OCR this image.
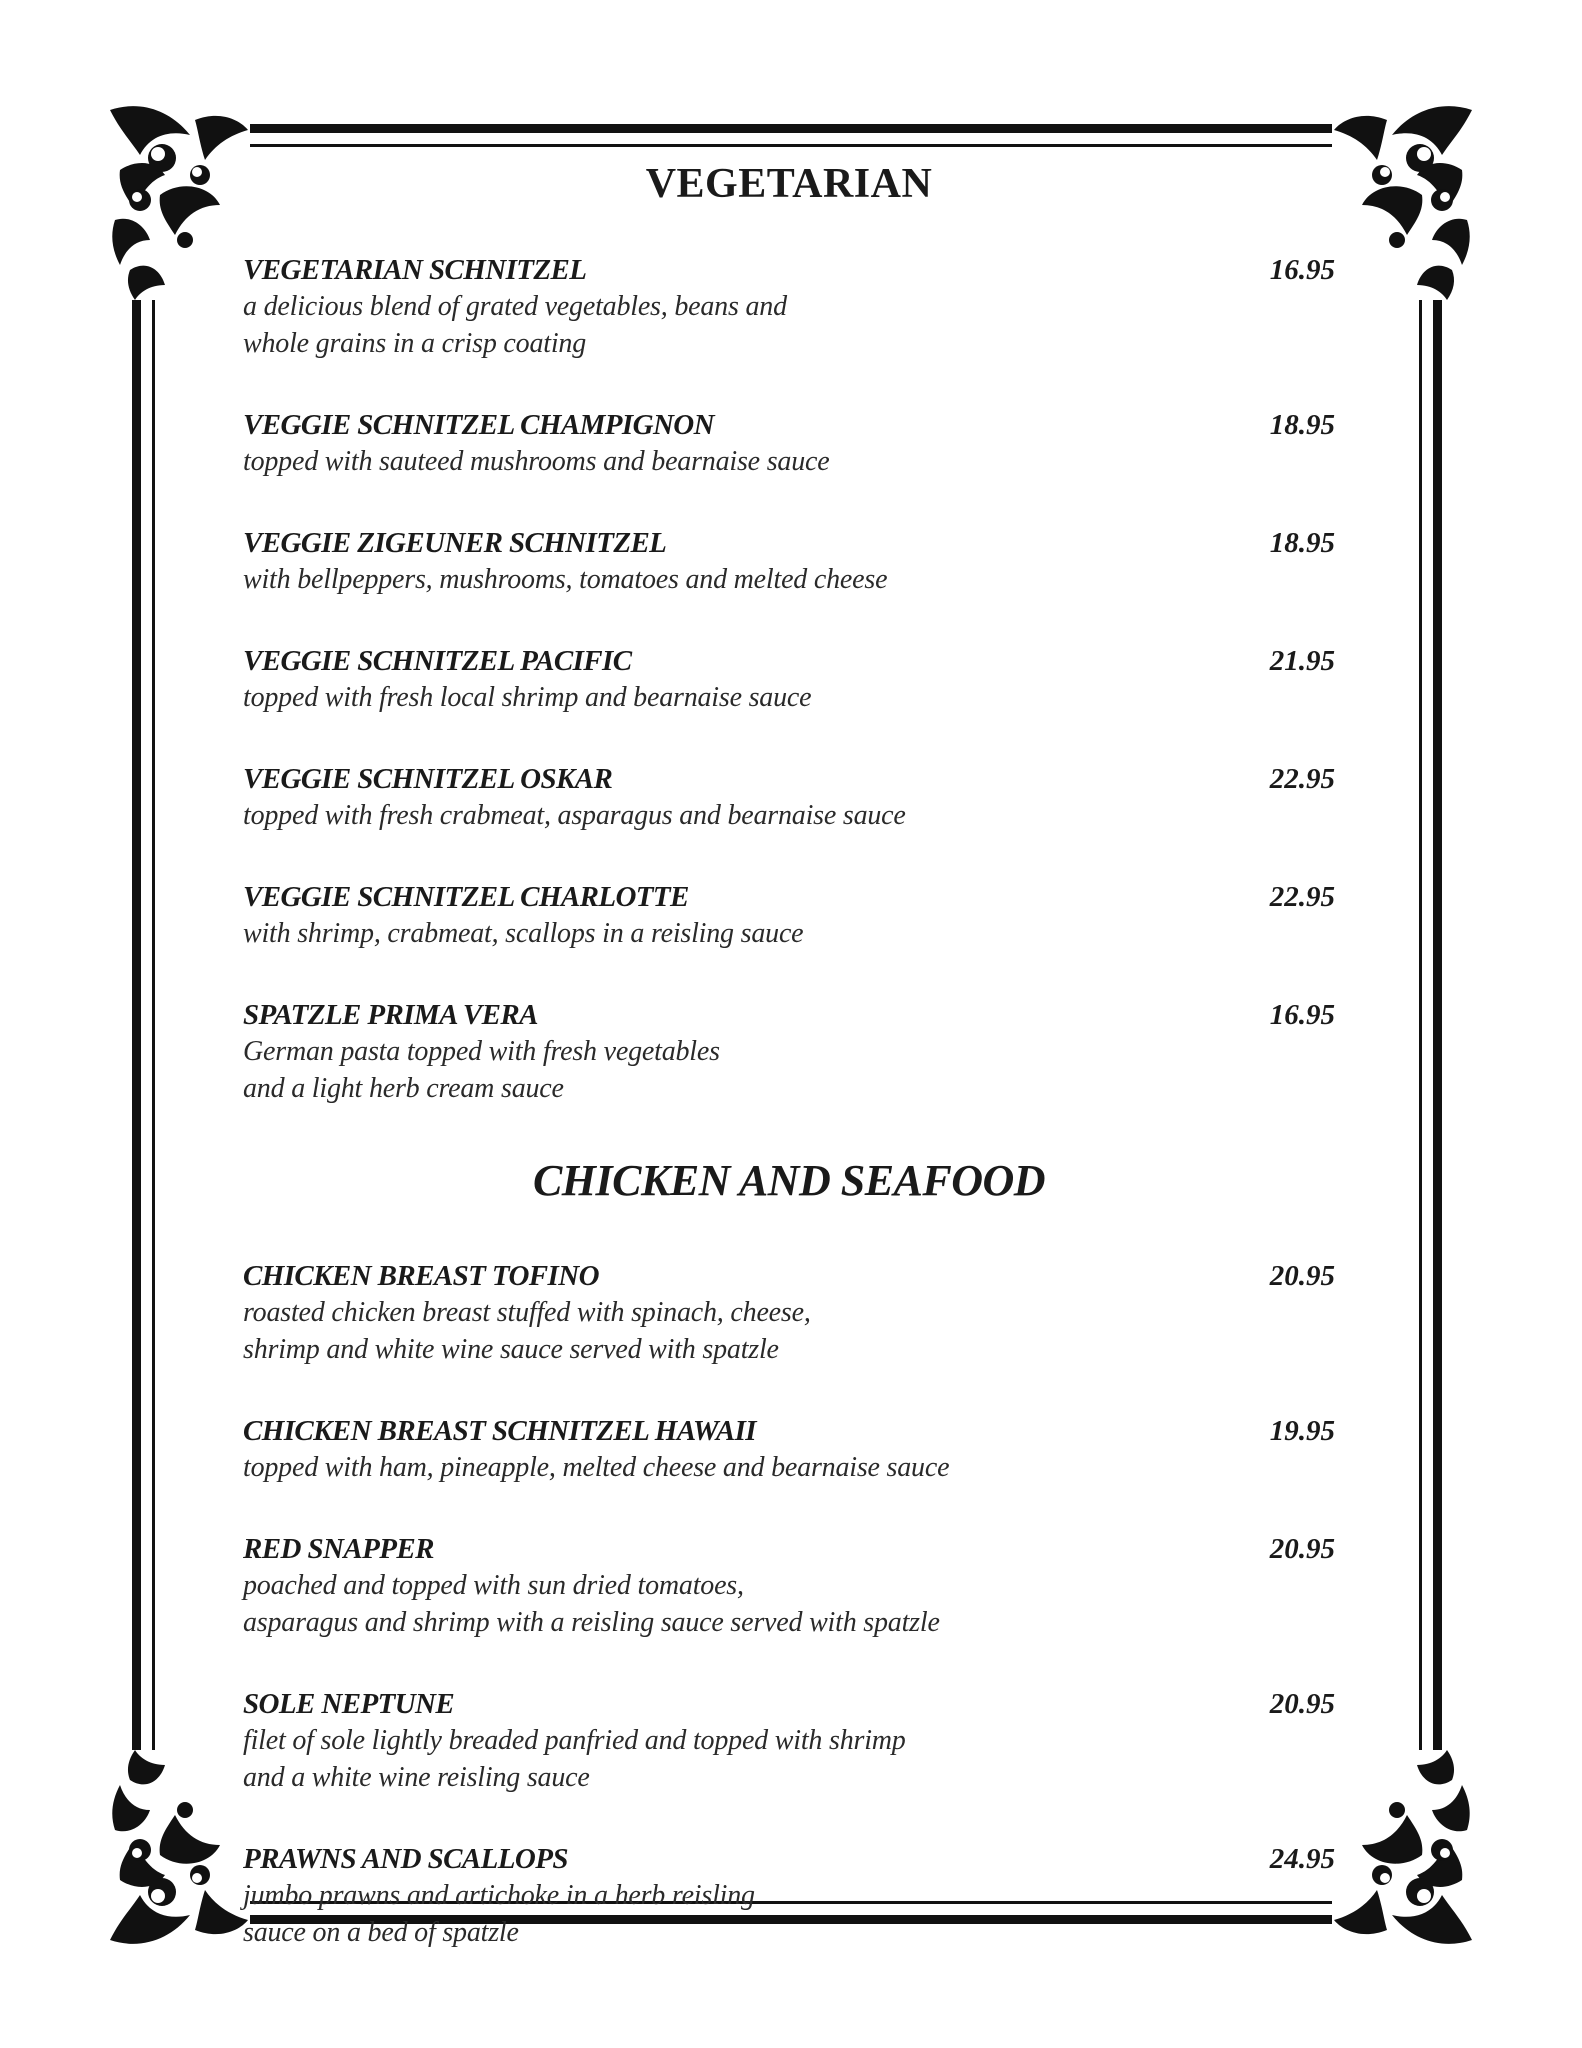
VEGETARIAN
VEGETARIAN SCHNITZEL	16.95
a delicious blend of grated vegetables, beans and
whole grains in a crisp coating
VEGGIE SCHNITZEL CHAMPIGNON	18.95
topped with sauteed mushrooms and bearnaise sauce
VEGGIE ZIGEUNER SCHNITZEL	18.95
with bellpeppers, mushrooms, tomatoes and melted cheese
VEGGIE SCHNITZEL PACIFIC	21.95
topped with fresh local shrimp and bearnaise sauce
VEGGIE SCHNITZEL OSKAR	22.95
topped with fresh crabmeat, asparagus and bearnaise sauce
VEGGIE SCHNITZEL CHARLOTTE	22.95
with shrimp, crabmeat, scallops in a reisling sauce
SPATZLE PRIMA VERA	16.95
German pasta topped with fresh vegetables
and a light herb cream sauce
CHICKEN AND SEAFOOD
CHICKEN BREAST TOFINO	20.95
roasted chicken breast stuffed with spinach, cheese,
shrimp and white wine sauce served with spatzle
CHICKEN BREAST SCHNITZEL HAWAII	19.95
topped with ham, pineapple, melted cheese and bearnaise sauce
RED SNAPPER	20.95
poached and topped with sun dried tomatoes,
asparagus and shrimp with a reisling sauce served with spatzle
SOLE NEPTUNE	20.95
filet of sole lightly breaded panfried and topped with shrimp
and a white wine reisling sauce
PRAWNS AND SCALLOPS	24.95
jumbo prawns and artichoke in a herb reisling
sauce on a bed of spatzle
